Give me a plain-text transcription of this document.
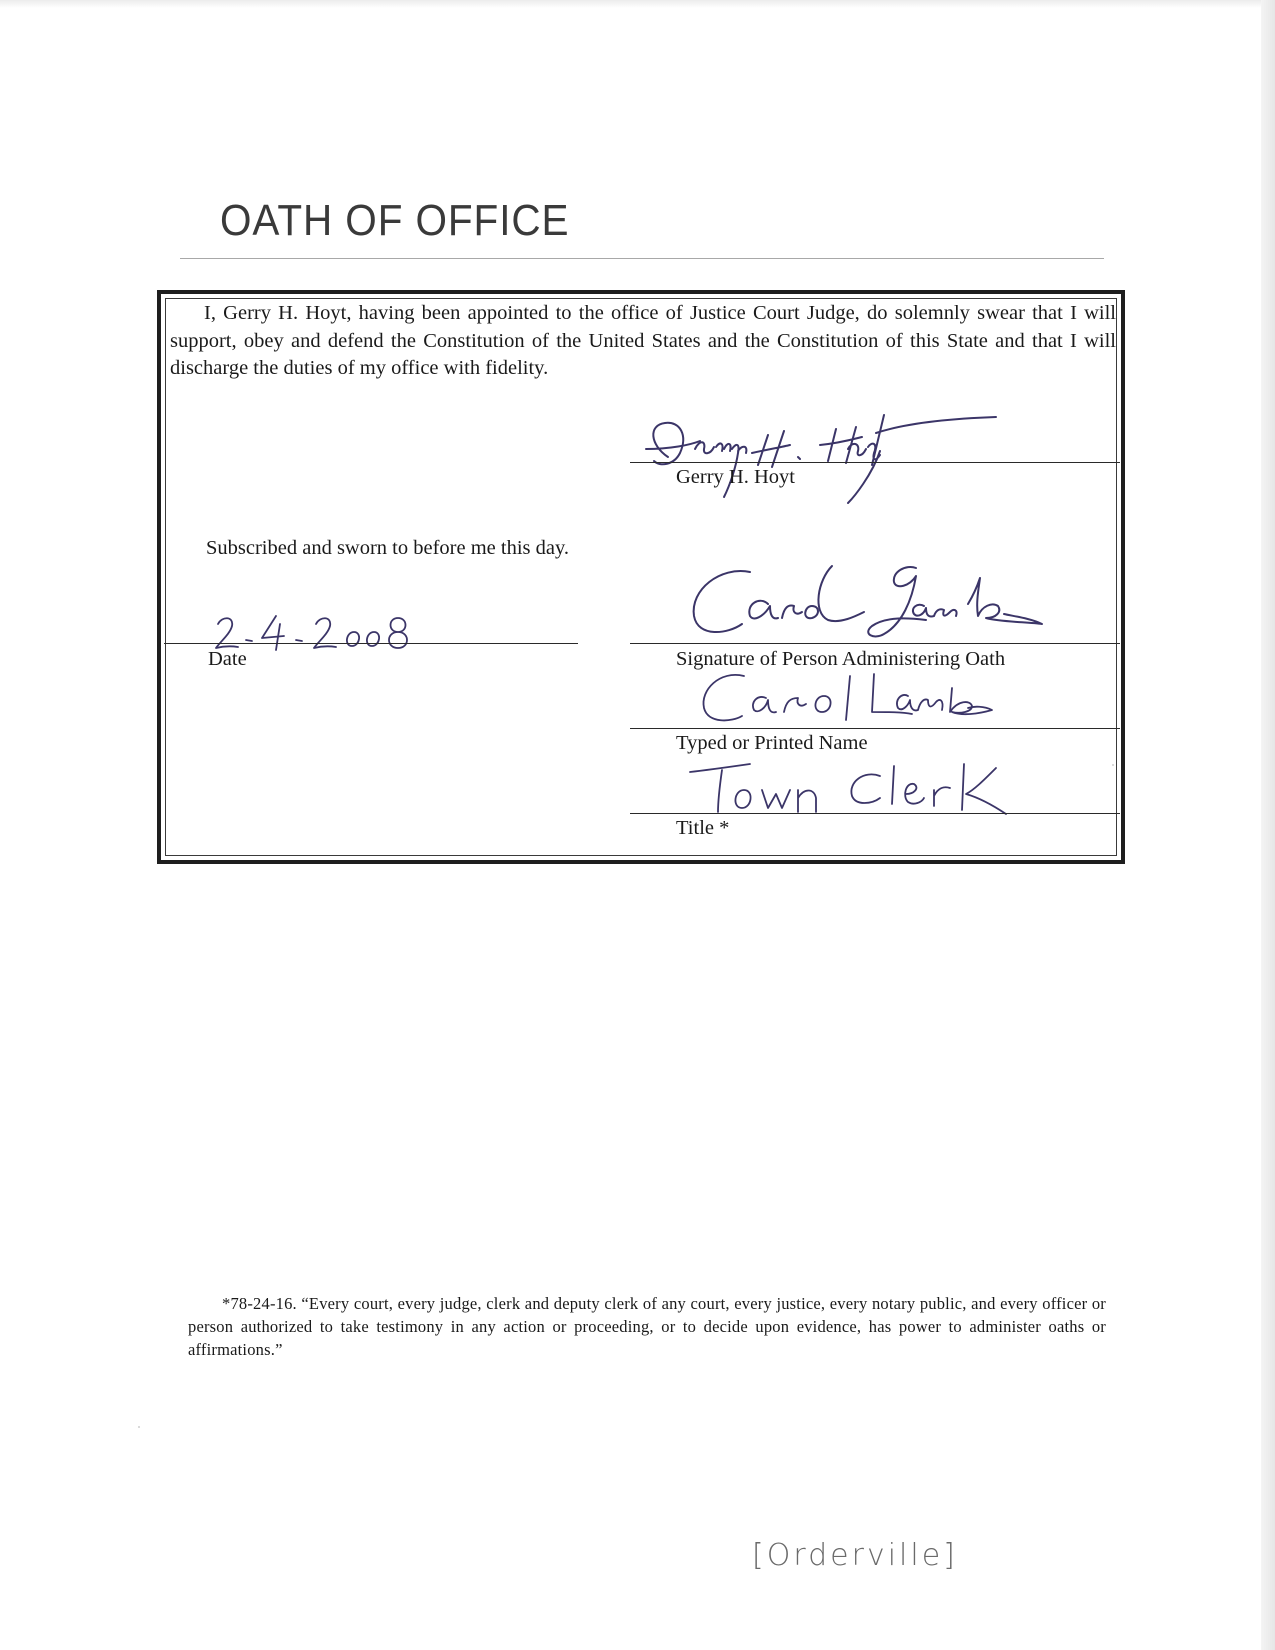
OATH OF OFFICE

I, Gerry H. Hoyt, having been appointed to the office of Justice Court Judge, do solemnly swear that I will support, obey and defend the Constitution of the United States and the Constitution of this State and that I will discharge the duties of my office with fidelity.

Gerry H. Hoyt

Subscribed and sworn to before me this day.

Date	Signature of Person Administering Oath

Typed or Printed Name

Title *

*78-24-16. “Every court, every judge, clerk and deputy clerk of any court, every justice, every notary public, and every officer or person authorized to take testimony in any action or proceeding, or to decide upon evidence, has power to administer oaths or affirmations.”

[Orderville]
